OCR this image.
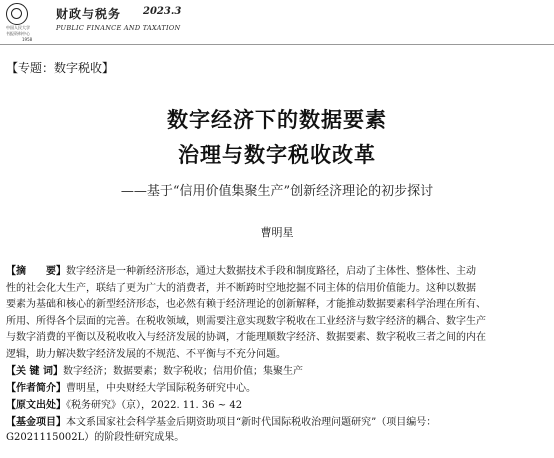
中国人民大学
书报资料中心
1958
财政与税务 2023.3
PUBLIC FINANCE AND TAXATION
【专题：数字税收】
数字经济下的数据要素
治理与数字税收改革
——基于“信用价值集聚生产”创新经济理论的初步探讨
曹明星

【摘　　要】数字经济是一种新经济形态，通过大数据技术手段和制度路径，启动了主体性、整体性、主动

性的社会化大生产，联结了更为广大的消费者，并不断跨时空地挖掘不同主体的信用价值能力。这种以数据

要素为基础和核心的新型经济形态，也必然有赖于经济理论的创新解释，才能推动数据要素科学治理在所有、

所用、所得各个层面的完善。在税收领域，则需要注意实现数字税收在工业经济与数字经济的耦合、数字生产

与数字消费的平衡以及税收收入与经济发展的协调，才能理顺数字经济、数据要素、数字税收三者之间的内在

逻辑，助力解决数字经济发展的不规范、不平衡与不充分问题。

【关 键 词】数字经济；数据要素；数字税收；信用价值；集聚生产

【作者简介】曹明星，中央财经大学国际税务研究中心。

【原文出处】《税务研究》（京），2022. 11. 36 ~ 42

【基金项目】本文系国家社会科学基金后期资助项目“新时代国际税收治理问题研究”（项目编号：

G2021115002L）的阶段性研究成果。
